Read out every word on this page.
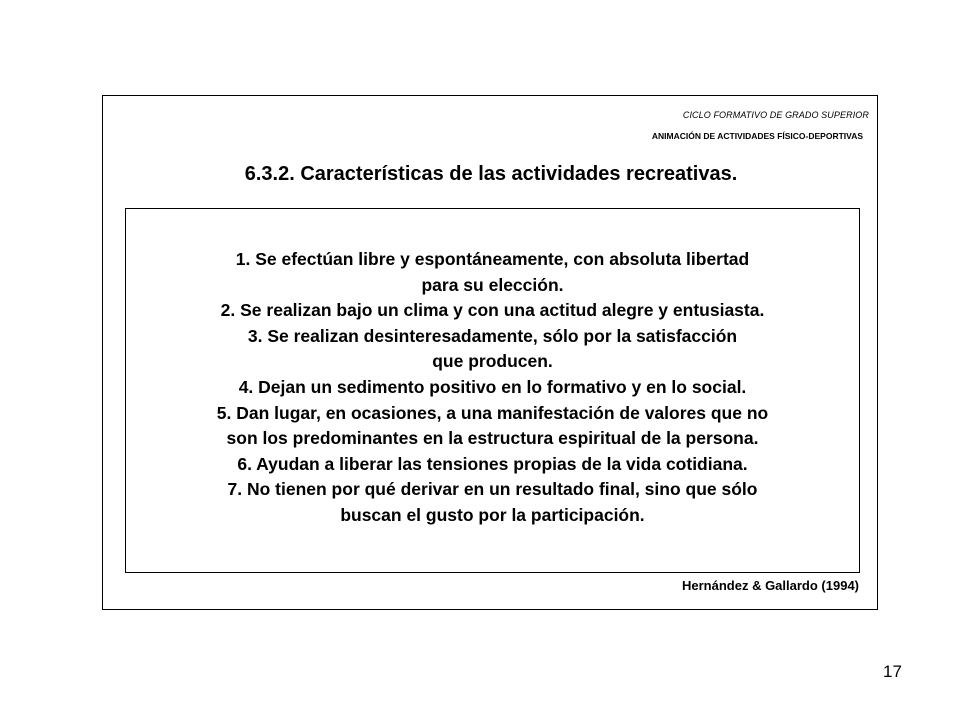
CICLO FORMATIVO DE GRADO SUPERIOR
ANIMACIÓN DE ACTIVIDADES FÍSICO-DEPORTIVAS
6.3.2. Características de las actividades recreativas.
1. Se efectúan libre y espontáneamente, con absoluta libertad
para su elección.
2. Se realizan bajo un clima y con una actitud alegre y entusiasta.
3. Se realizan desinteresadamente, sólo por la satisfacción
que producen.
4. Dejan un sedimento positivo en lo formativo y en lo social.
5. Dan lugar, en ocasiones, a una manifestación de valores que no
son los predominantes en la estructura espiritual de la persona.
6. Ayudan a liberar las tensiones propias de la vida cotidiana.
7. No tienen por qué derivar en un resultado final, sino que sólo
buscan el gusto por la participación.
Hernández & Gallardo (1994)
17
